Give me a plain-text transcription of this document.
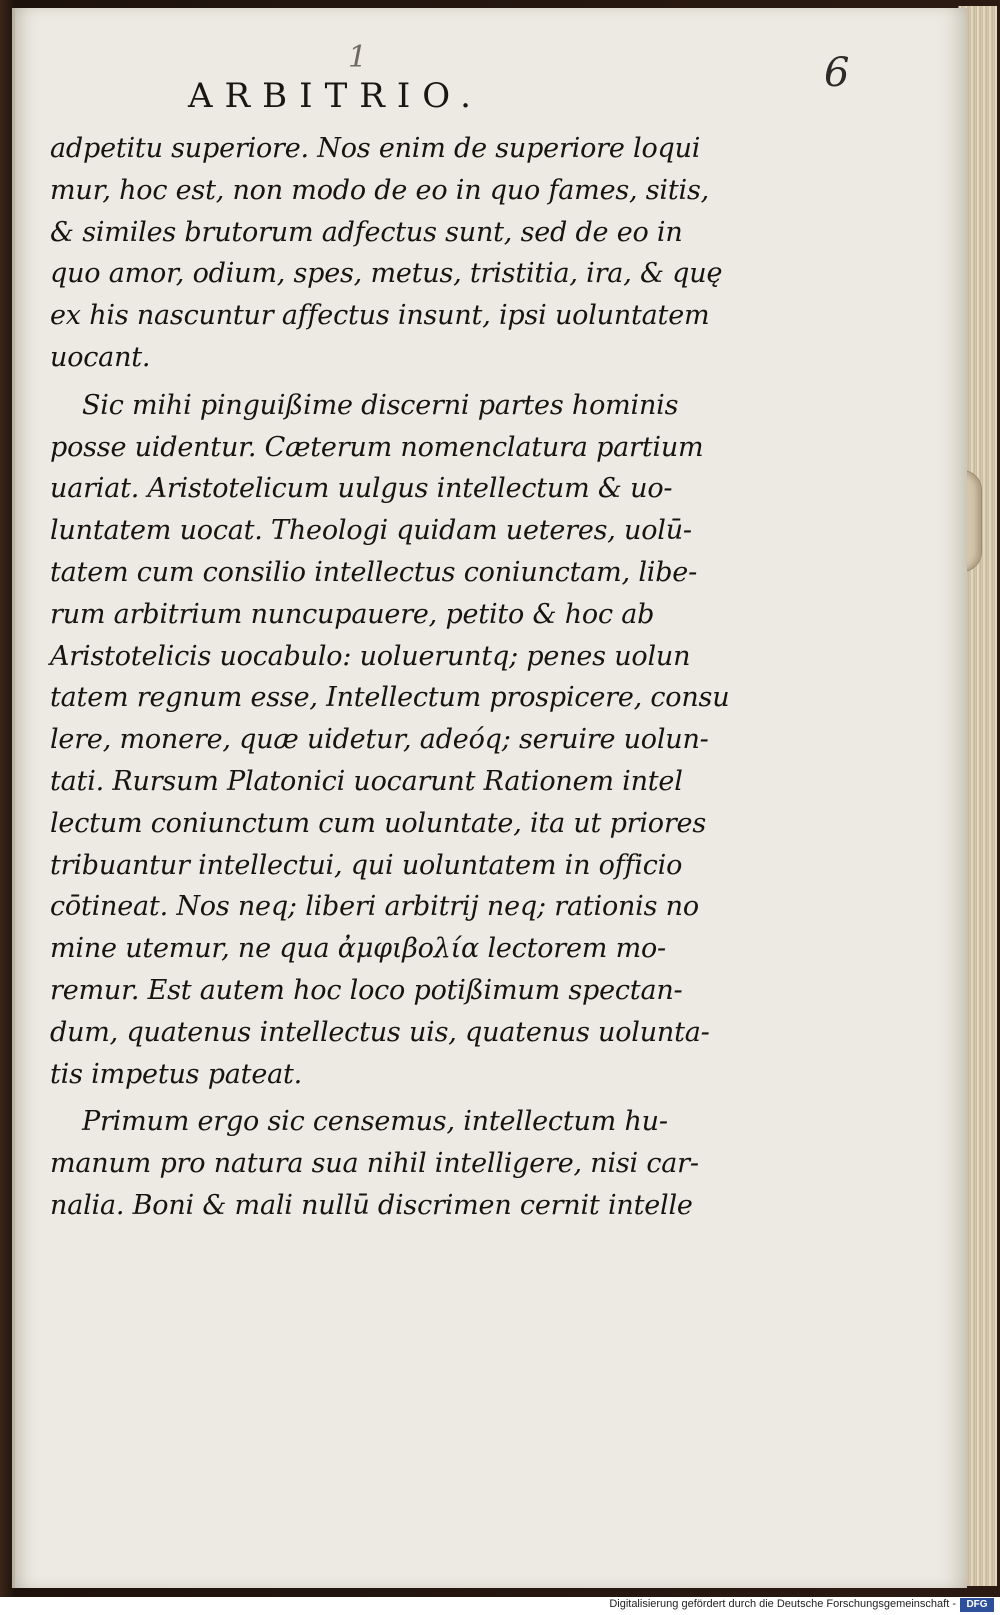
1	6
ARBITRIO.
adpetitu superiore. Nos enim de superiore loqui
mur, hoc est, non modo de eo in quo fames, sitis,
& similes brutorum adfectus sunt, sed de eo in
quo amor, odium, spes, metus, tristitia, ira, & quę
ex his nascuntur affectus insunt, ipsi uoluntatem
uocant.
Sic mihi pinguißime discerni partes hominis
posse uidentur. Cæterum nomenclatura partium
uariat. Aristotelicum uulgus intellectum & uo-
luntatem uocat. Theologi quidam ueteres, uolū-
tatem cum consilio intellectus coniunctam, libe-
rum arbitrium nuncupauere, petito & hoc ab
Aristotelicis uocabulo: uolueruntq; penes uolun
tatem regnum esse, Intellectum prospicere, consu
lere, monere, quæ uidetur, adeóq; seruire uolun-
tati. Rursum Platonici uocarunt Rationem intel
lectum coniunctum cum uoluntate, ita ut priores
tribuantur intellectui, qui uoluntatem in officio
cōtineat. Nos neq; liberi arbitrij neq; rationis no
mine utemur, ne qua ἀμφιβολία lectorem mo-
remur. Est autem hoc loco potißimum spectan-
dum, quatenus intellectus uis, quatenus uolunta-
tis impetus pateat.
Primum ergo sic censemus, intellectum hu-
manum pro natura sua nihil intelligere, nisi car-
nalia. Boni & mali nullū discrimen cernit intelle
Digitalisierung gefördert durch die Deutsche Forschungsgemeinschaft -	DFG
